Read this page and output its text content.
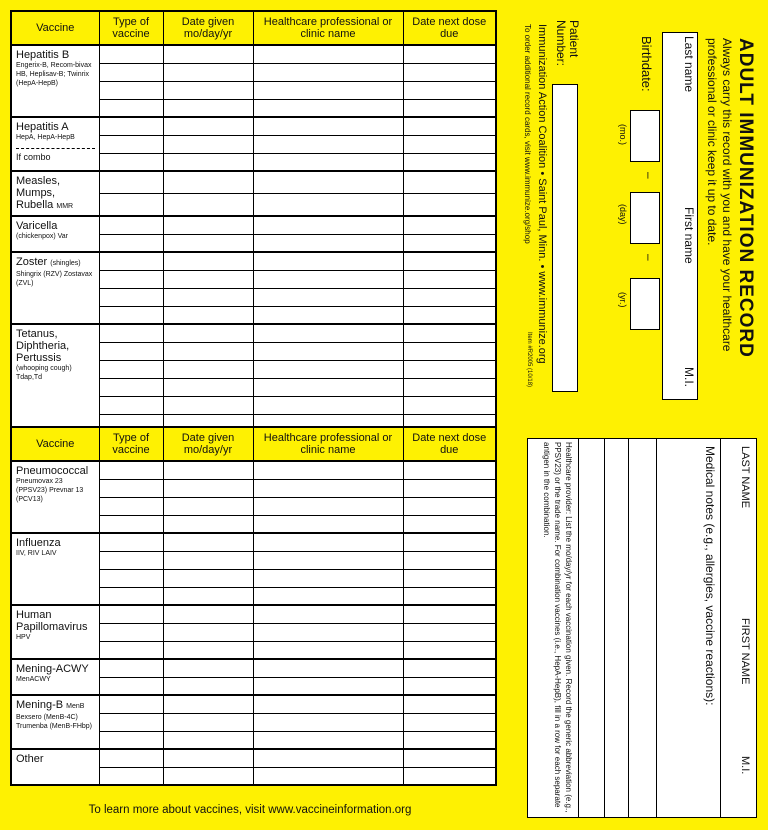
Vaccine	Type of vaccine	Date given mo/day/yr	Healthcare professional or clinic name	Date next dose due

Hepatitis B
Engerix-B, Recom-bivax HB, Heplisav-B; Twinrix (HepA-HepB)				

Hepatitis A
HepA, HepA-HepB
If combo				

Measles, Mumps, Rubella MMR				

Varicella
(chickenpox) Var				

Zoster (shingles)
Shingrix (RZV) Zostavax (ZVL)				

Tetanus, Diphtheria, Pertussis
(whooping cough) Tdap,Td				

Vaccine	Type of vaccine	Date given mo/day/yr	Healthcare professional or clinic name	Date next dose due

Pneumococcal
Pneumovax 23 (PPSV23) Prevnar 13 (PCV13)				

Influenza
IIV, RIV LAIV				

Human Papillomavirus
HPV				

Mening-ACWY
MenACWY				

Mening-B MenB
Bexsero (MenB-4C) Trumenba (MenB-FHbp)				

Other				

To learn more about vaccines, visit www.vaccineinformation.org
ADULT IMMUNIZATION RECORD
Always carry this record with you and have your healthcare professional or clinic keep it up to date.
Last name
First name
M.I.
Birthdate:
–
–
(mo.)
(day)
(yr.)
Patient Number:
Immunization Action Coalition • Saint Paul, Minn. • www.immunize.org
To order additional record cards, visit www.immunize.org/shop
Item #R2005 (10/18)
LAST NAME
FIRST NAME
M.I.
Medical notes (e.g., allergies, vaccine reactions):
Healthcare provider: List the mo/day/yr for each vaccination given. Record the generic abbreviation (e.g., PPSV23) or the trade name. For combination vaccines (i.e., HepA-HepB), fill in a row for each separate antigen in the combination.
